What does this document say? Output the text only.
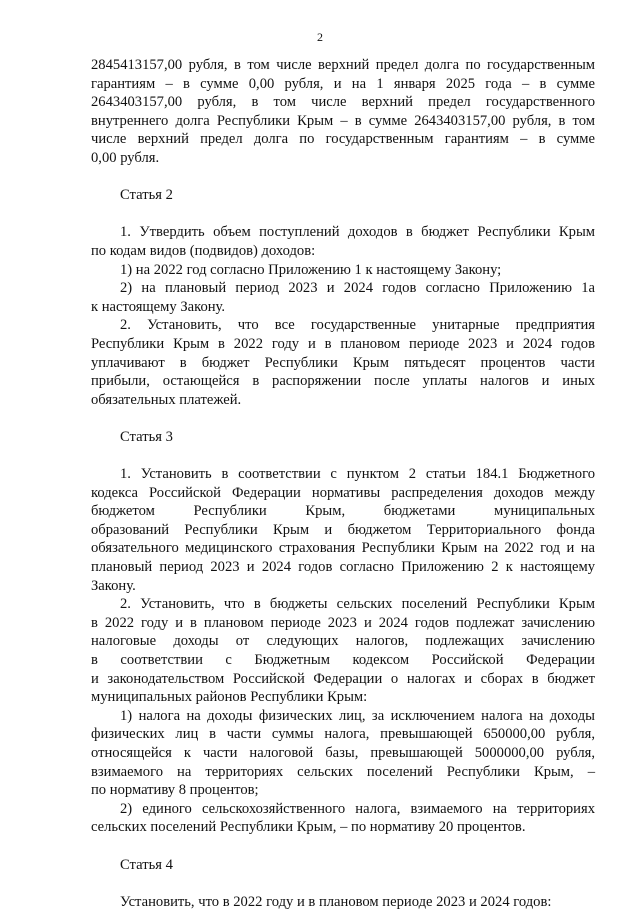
2
2845413157,00 рубля, в том числе верхний предел долга по государственным
гарантиям – в сумме 0,00 рубля, и на 1 января 2025 года – в сумме
2643403157,00 рубля, в том числе верхний предел государственного
внутреннего долга Республики Крым – в сумме 2643403157,00 рубля, в том
числе верхний предел долга по государственным гарантиям – в сумме
0,00 рубля.
Статья 2
1. Утвердить объем поступлений доходов в бюджет Республики Крым
по кодам видов (подвидов) доходов:
1) на 2022 год согласно Приложению 1 к настоящему Закону;
2) на плановый период 2023 и 2024 годов согласно Приложению 1а
к настоящему Закону.
2. Установить, что все государственные унитарные предприятия
Республики Крым в 2022 году и в плановом периоде 2023 и 2024 годов
уплачивают в бюджет Республики Крым пятьдесят процентов части
прибыли, остающейся в распоряжении после уплаты налогов и иных
обязательных платежей.
Статья 3
1. Установить в соответствии с пунктом 2 статьи 184.1 Бюджетного
кодекса Российской Федерации нормативы распределения доходов между
бюджетом Республики Крым, бюджетами муниципальных
образований Республики Крым и бюджетом Территориального фонда
обязательного медицинского страхования Республики Крым на 2022 год и на
плановый период 2023 и 2024 годов согласно Приложению 2 к настоящему
Закону.
2. Установить, что в бюджеты сельских поселений Республики Крым
в 2022 году и в плановом периоде 2023 и 2024 годов подлежат зачислению
налоговые доходы от следующих налогов, подлежащих зачислению
в соответствии с Бюджетным кодексом Российской Федерации
и законодательством Российской Федерации о налогах и сборах в бюджет
муниципальных районов Республики Крым:
1) налога на доходы физических лиц, за исключением налога на доходы
физических лиц в части суммы налога, превышающей 650000,00 рубля,
относящейся к части налоговой базы, превышающей 5000000,00 рубля,
взимаемого на территориях сельских поселений Республики Крым, –
по нормативу 8 процентов;
2) единого сельскохозяйственного налога, взимаемого на территориях
сельских поселений Республики Крым, – по нормативу 20 процентов.
Статья 4
Установить, что в 2022 году и в плановом периоде 2023 и 2024 годов:
